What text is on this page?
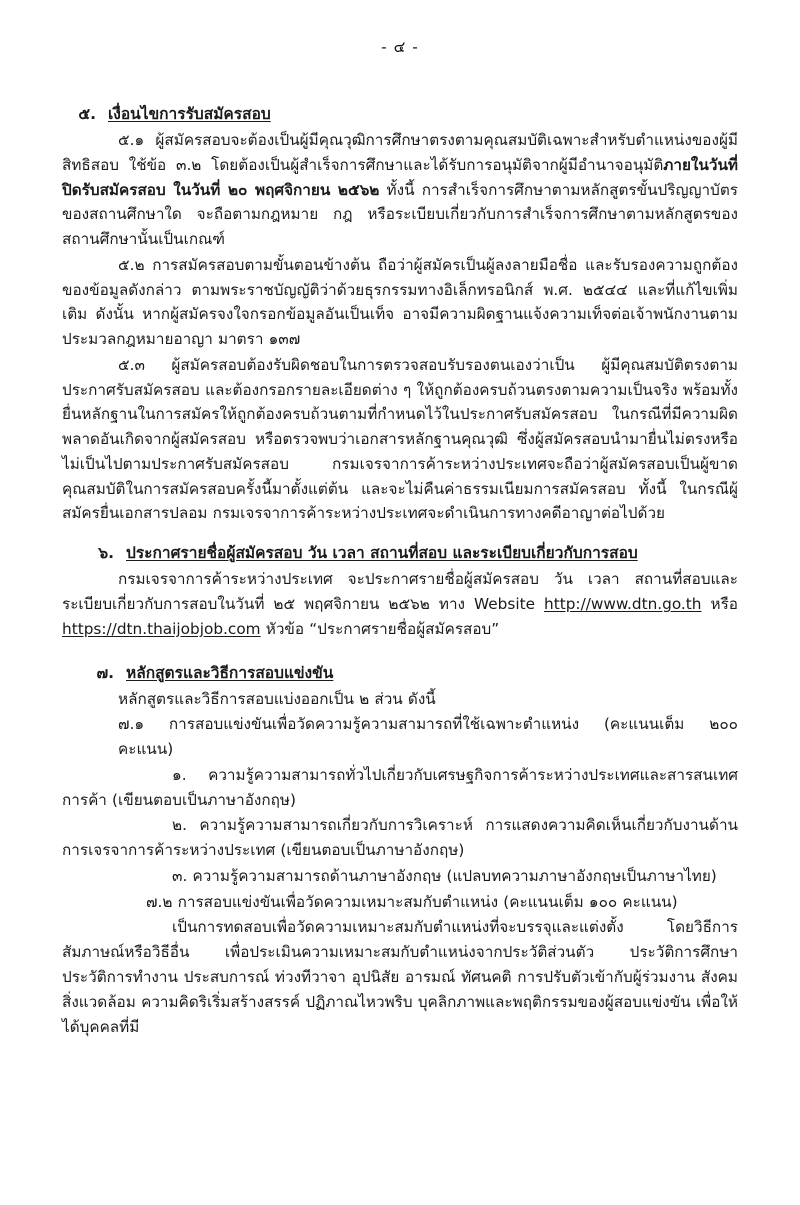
- ๔ -
๕. เงื่อนไขการรับสมัครสอบ

๕.๑ ผู้สมัครสอบจะต้องเป็นผู้มีคุณวุฒิการศึกษาตรงตามคุณสมบัติเฉพาะสำหรับตำแหน่งของผู้มีสิทธิสอบ ใช้ข้อ ๓.๒ โดยต้องเป็นผู้สำเร็จการศึกษาและได้รับการอนุมัติจากผู้มีอำนาจอนุมัติภายในวันที่ปิดรับสมัครสอบ ในวันที่ ๒๐ พฤศจิกายน ๒๕๖๒ ทั้งนี้ การสำเร็จการศึกษาตามหลักสูตรขั้นปริญญาบัตรของสถานศึกษาใด จะถือตามกฎหมาย กฎ หรือระเบียบเกี่ยวกับการสำเร็จการศึกษาตามหลักสูตรของสถานศึกษานั้นเป็นเกณฑ์

๕.๒ การสมัครสอบตามขั้นตอนข้างต้น ถือว่าผู้สมัครเป็นผู้ลงลายมือชื่อ และรับรองความถูกต้องของข้อมูลดังกล่าว ตามพระราชบัญญัติว่าด้วยธุรกรรมทางอิเล็กทรอนิกส์ พ.ศ. ๒๕๔๔ และที่แก้ไขเพิ่มเติม ดังนั้น หากผู้สมัครจงใจกรอกข้อมูลอันเป็นเท็จ อาจมีความผิดฐานแจ้งความเท็จต่อเจ้าพนักงานตามประมวลกฎหมายอาญา มาตรา ๑๓๗

๕.๓ ผู้สมัครสอบต้องรับผิดชอบในการตรวจสอบรับรองตนเองว่าเป็น ผู้มีคุณสมบัติตรงตามประกาศรับสมัครสอบ และต้องกรอกรายละเอียดต่าง ๆ ให้ถูกต้องครบถ้วนตรงตามความเป็นจริง พร้อมทั้งยื่นหลักฐานในการสมัครให้ถูกต้องครบถ้วนตามที่กำหนดไว้ในประกาศรับสมัครสอบ ในกรณีที่มีความผิดพลาดอันเกิดจากผู้สมัครสอบ หรือตรวจพบว่าเอกสารหลักฐานคุณวุฒิ ซึ่งผู้สมัครสอบนำมายื่นไม่ตรงหรือไม่เป็นไปตามประกาศรับสมัครสอบ กรมเจรจาการค้าระหว่างประเทศจะถือว่าผู้สมัครสอบเป็นผู้ขาดคุณสมบัติในการสมัครสอบครั้งนี้มาตั้งแต่ต้น และจะไม่คืนค่าธรรมเนียมการสมัครสอบ ทั้งนี้ ในกรณีผู้สมัครยื่นเอกสารปลอม กรมเจรจาการค้าระหว่างประเทศจะดำเนินการทางคดีอาญาต่อไปด้วย

๖. ประกาศรายชื่อผู้สมัครสอบ วัน เวลา สถานที่สอบ และระเบียบเกี่ยวกับการสอบ

กรมเจรจาการค้าระหว่างประเทศ จะประกาศรายชื่อผู้สมัครสอบ วัน เวลา สถานที่สอบและระเบียบเกี่ยวกับการสอบในวันที่ ๒๕ พฤศจิกายน ๒๕๖๒ ทาง Website http://www.dtn.go.th หรือ https://dtn.thaijobjob.com หัวข้อ “ประกาศรายชื่อผู้สมัครสอบ”

๗. หลักสูตรและวิธีการสอบแข่งขัน

หลักสูตรและวิธีการสอบแบ่งออกเป็น ๒ ส่วน ดังนี้

๗.๑ การสอบแข่งขันเพื่อวัดความรู้ความสามารถที่ใช้เฉพาะตำแหน่ง (คะแนนเต็ม ๒๐๐ คะแนน)

๑. ความรู้ความสามารถทั่วไปเกี่ยวกับเศรษฐกิจการค้าระหว่างประเทศและสารสนเทศการค้า (เขียนตอบเป็นภาษาอังกฤษ)

๒. ความรู้ความสามารถเกี่ยวกับการวิเคราะห์ การแสดงความคิดเห็นเกี่ยวกับงานด้านการเจรจาการค้าระหว่างประเทศ (เขียนตอบเป็นภาษาอังกฤษ)

๓. ความรู้ความสามารถด้านภาษาอังกฤษ (แปลบทความภาษาอังกฤษเป็นภาษาไทย)

๗.๒ การสอบแข่งขันเพื่อวัดความเหมาะสมกับตำแหน่ง (คะแนนเต็ม ๑๐๐ คะแนน)

เป็นการทดสอบเพื่อวัดความเหมาะสมกับตำแหน่งที่จะบรรจุและแต่งตั้ง โดยวิธีการสัมภาษณ์หรือวิธีอื่น เพื่อประเมินความเหมาะสมกับตำแหน่งจากประวัติส่วนตัว ประวัติการศึกษา ประวัติการทำงาน ประสบการณ์ ท่วงทีวาจา อุปนิสัย อารมณ์ ทัศนคติ การปรับตัวเข้ากับผู้ร่วมงาน สังคม สิ่งแวดล้อม ความคิดริเริ่มสร้างสรรค์ ปฏิภาณไหวพริบ บุคลิกภาพและพฤติกรรมของผู้สอบแข่งขัน เพื่อให้ได้บุคคลที่มี
